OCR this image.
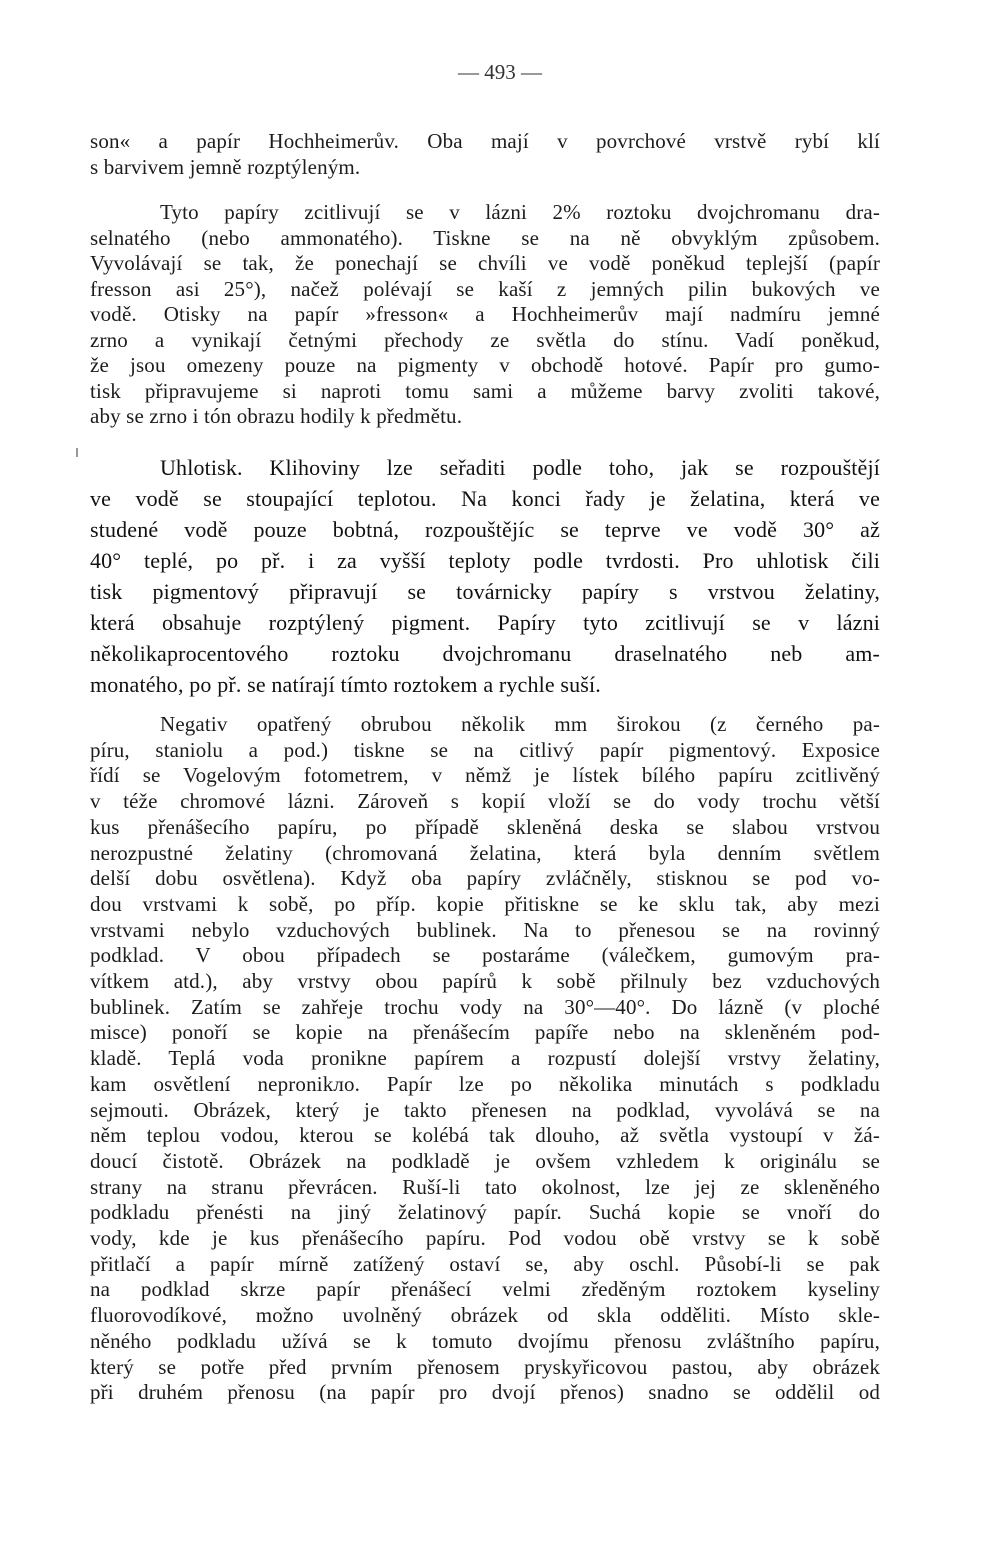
— 493 —
son« a papír Hochheimerův. Oba mají v povrchové vrstvě rybí klí
s barvivem jemně rozptýleným.
Tyto papíry zcitlivují se v lázni 2% roztoku dvojchromanu dra-
selnatého (nebo ammonatého). Tiskne se na ně obvyklým způsobem.
Vyvolávají se tak, že ponechají se chvíli ve vodě poněkud teplejší (papír
fresson asi 25°), načež polévají se kaší z jemných pilin bukových ve
vodě. Otisky na papír »fresson« a Hochheimerův mají nadmíru jemné
zrno a vynikají četnými přechody ze světla do stínu. Vadí poněkud,
že jsou omezeny pouze na pigmenty v obchodě hotové. Papír pro gumo-
tisk připravujeme si naproti tomu sami a můžeme barvy zvoliti takové,
aby se zrno i tón obrazu hodily k předmětu.
Uhlotisk. Klihoviny lze seřaditi podle toho, jak se rozpouštějí
ve vodě se stoupající teplotou. Na konci řady je želatina, která ve
studené vodě pouze bobtná, rozpouštějíc se teprve ve vodě 30° až
40° teplé, po př. i za vyšší teploty podle tvrdosti. Pro uhlotisk čili
tisk pigmentový připravují se továrnicky papíry s vrstvou želatiny,
která obsahuje rozptýlený pigment. Papíry tyto zcitlivují se v lázni
několikaprocentového roztoku dvojchromanu draselnatého neb am-
monatého, po př. se natírají tímto roztokem a rychle suší.
Negativ opatřený obrubou několik mm širokou (z černého pa-
píru, staniolu a pod.) tiskne se na citlivý papír pigmentový. Exposice
řídí se Vogelovým fotometrem, v němž je lístek bílého papíru zcitlivěný
v téže chromové lázni. Zároveň s kopií vloží se do vody trochu větší
kus přenášecího papíru, po případě skleněná deska se slabou vrstvou
nerozpustné želatiny (chromovaná želatina, která byla denním světlem
delší dobu osvětlena). Když oba papíry zvláčněly, stisknou se pod vo-
dou vrstvami k sobě, po příp. kopie přitiskne se ke sklu tak, aby mezi
vrstvami nebylo vzduchových bublinek. Na to přenesou se na rovinný
podklad. V obou případech se postaráme (válečkem, gumovým pra-
vítkem atd.), aby vrstvy obou papírů k sobě přilnuly bez vzduchových
bublinek. Zatím se zahřeje trochu vody na 30°—40°. Do lázně (v ploché
misce) ponoří se kopie na přenášecím papíře nebo na skleněném pod-
kladě. Teplá voda pronikne papírem a rozpustí dolejší vrstvy želatiny,
kam osvětlení nepronikло. Papír lze po několika minutách s podkladu
sejmouti. Obrázek, který je takto přenesen na podklad, vyvolává se na
něm teplou vodou, kterou se kolébá tak dlouho, až světla vystoupí v žá-
doucí čistotě. Obrázek na podkladě je ovšem vzhledem k originálu se
strany na stranu převrácen. Ruší-li tato okolnost, lze jej ze skleněného
podkladu přenésti na jiný želatinový papír. Suchá kopie se vnoří do
vody, kde je kus přenášecího papíru. Pod vodou obě vrstvy se k sobě
přitlačí a papír mírně zatížený ostaví se, aby oschl. Působí-li se pak
na podklad skrze papír přenášecí velmi zředěným roztokem kyseliny
fluorovodíkové, možno uvolněný obrázek od skla odděliti. Místo skle-
něného podkladu užívá se k tomuto dvojímu přenosu zvláštního papíru,
který se potře před prvním přenosem pryskyřicovou pastou, aby obrázek
při druhém přenosu (na papír pro dvojí přenos) snadno se oddělil od
